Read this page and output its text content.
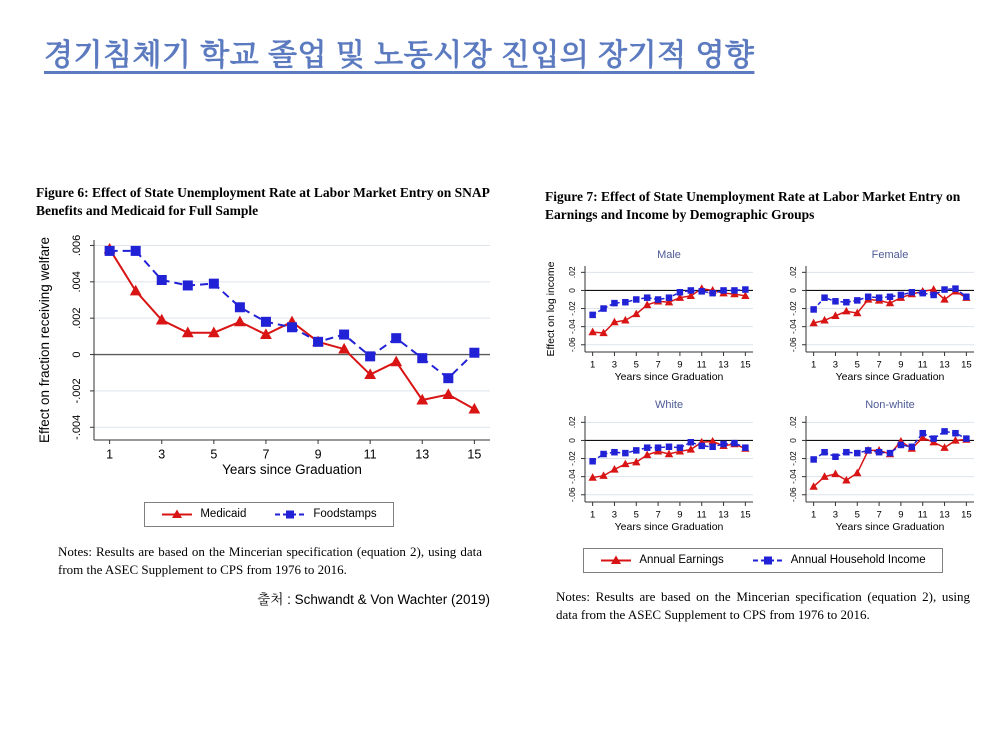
경기침체기 학교 졸업 및 노동시장 진입의 장기적 영향
Figure 6: Effect of State Unemployment Rate at Labor Market Entry on SNAP Benefits and Medicaid for Full Sample
-.004
-.002
0
.002
.004
.006
1	3	5	7	9	11	13	15
Years since Graduation
Effect on fraction receiving welfare
Medicaid	Foodstamps
Notes: Results are based on the Mincerian specification (equation 2), using data from the ASEC Supplement to CPS from 1976 to 2016.
출처 : Schwandt & Von Wachter (2019)
Figure 7: Effect of State Unemployment Rate at Labor Market Entry on Earnings and Income by Demographic Groups
Male
-.06
-.04
-.02
0
.02
1 3 5 7 9 11 13 15
Years since Graduation
Effect on log income
Female
-.06
-.04
-.02
0
.02
1 3 5 7 9 11 13 15
Years since Graduation
White
-.06
-.04
-.02
0
.02
1 3 5 7 9 11 13 15
Years since Graduation
Non-white
-.06
-.04
-.02
0
.02
1 3 5 7 9 11 13 15
Years since Graduation
Annual Earnings	Annual Household Income
Notes: Results are based on the Mincerian specification (equation 2), using data from the ASEC Supplement to CPS from 1976 to 2016.
